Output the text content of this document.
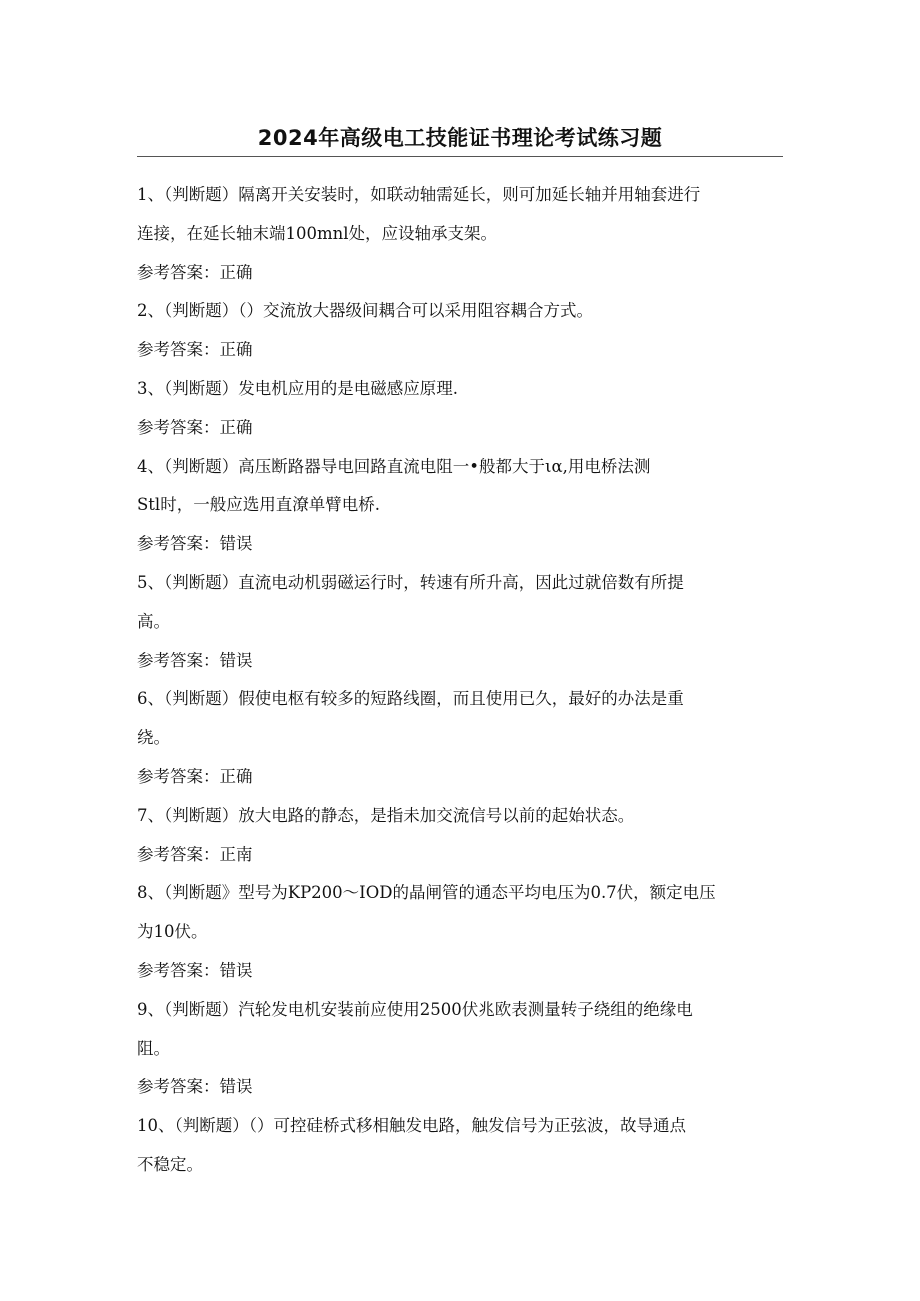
2024年高级电工技能证书理论考试练习题
1、（判断题）隔离开关安装时，如联动轴需延长，则可加延长轴并用轴套进行
连接，在延长轴末端100mnl处，应设轴承支架。
参考答案：正确
2、（判断题）（）交流放大器级间耦合可以采用阻容耦合方式。
参考答案：正确
3、（判断题）发电机应用的是电磁感应原理.
参考答案：正确
4、（判断题）高压断路器导电回路直流电阻一•般都大于ια,用电桥法测
Stl时，一般应选用直潦单臂电桥.
参考答案：错误
5、（判断题）直流电动机弱磁运行时，转速有所升高，因此过就倍数有所提
高。
参考答案：错误
6、（判断题）假使电枢有较多的短路线圈，而且使用已久，最好的办法是重
绕。
参考答案：正确
7、（判断题）放大电路的静态，是指未加交流信号以前的起始状态。
参考答案：正南
8、（判断题》型号为KP200～IOD的晶闸管的通态平均电压为0.7伏，额定电压
为10伏。
参考答案：错误
9、（判断题）汽轮发电机安装前应使用2500伏兆欧表测量转子绕组的绝缘电
阻。
参考答案：错误
10、（判断题）（）可控硅桥式移相触发电路，触发信号为正弦波，故导通点
不稳定。
